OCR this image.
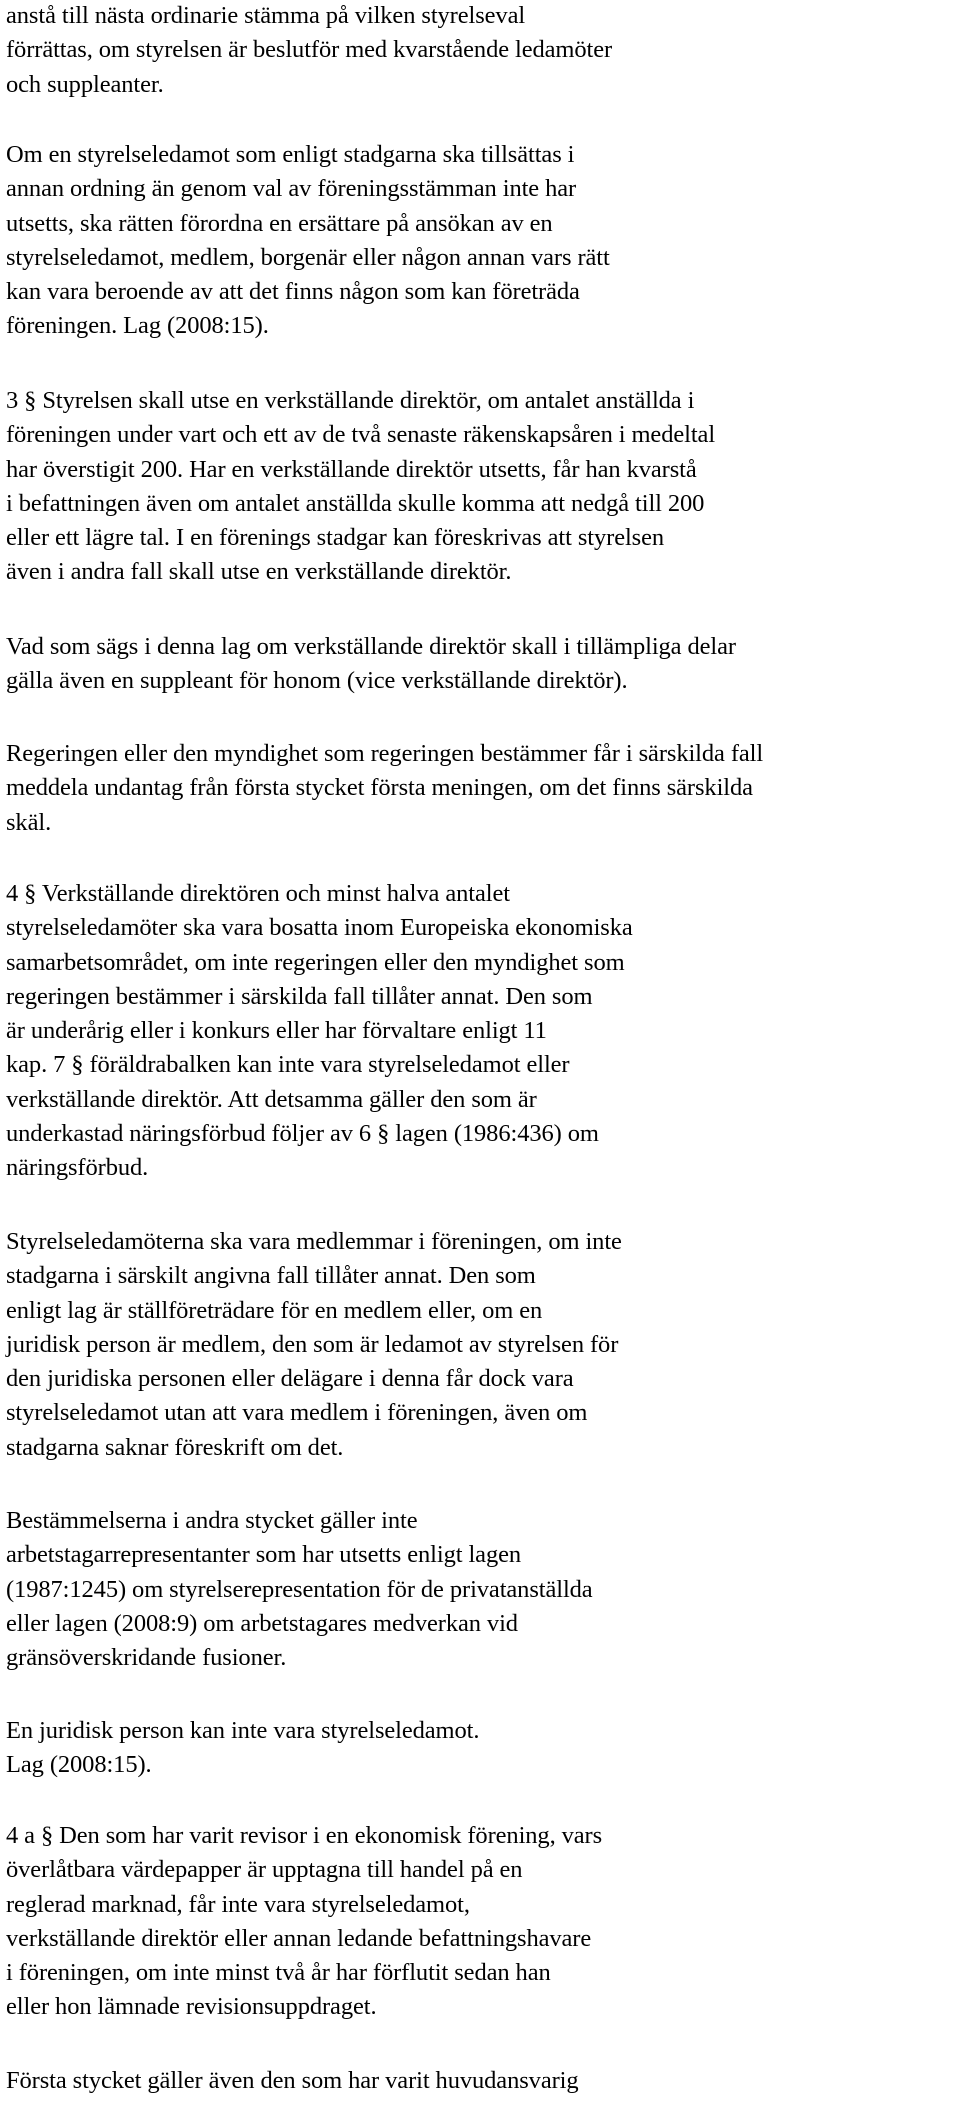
anstå till nästa ordinarie stämma på vilken styrelseval
förrättas, om styrelsen är beslutför med kvarstående ledamöter
och suppleanter.

Om en styrelseledamot som enligt stadgarna ska tillsättas i
annan ordning än genom val av föreningsstämman inte har
utsetts, ska rätten förordna en ersättare på ansökan av en
styrelseledamot, medlem, borgenär eller någon annan vars rätt
kan vara beroende av att det finns någon som kan företräda
föreningen. Lag (2008:15).

3 § Styrelsen skall utse en verkställande direktör, om antalet anställda i
föreningen under vart och ett av de två senaste räkenskapsåren i medeltal
har överstigit 200. Har en verkställande direktör utsetts, får han kvarstå
i befattningen även om antalet anställda skulle komma att nedgå till 200
eller ett lägre tal. I en förenings stadgar kan föreskrivas att styrelsen
även i andra fall skall utse en verkställande direktör.

Vad som sägs i denna lag om verkställande direktör skall i tillämpliga delar
gälla även en suppleant för honom (vice verkställande direktör).

Regeringen eller den myndighet som regeringen bestämmer får i särskilda fall
meddela undantag från första stycket första meningen, om det finns särskilda
skäl.

4 § Verkställande direktören och minst halva antalet
styrelseledamöter ska vara bosatta inom Europeiska ekonomiska
samarbetsområdet, om inte regeringen eller den myndighet som
regeringen bestämmer i särskilda fall tillåter annat. Den som
är underårig eller i konkurs eller har förvaltare enligt 11
kap. 7 § föräldrabalken kan inte vara styrelseledamot eller
verkställande direktör. Att detsamma gäller den som är
underkastad näringsförbud följer av 6 § lagen (1986:436) om
näringsförbud.

Styrelseledamöterna ska vara medlemmar i föreningen, om inte
stadgarna i särskilt angivna fall tillåter annat. Den som
enligt lag är ställföreträdare för en medlem eller, om en
juridisk person är medlem, den som är ledamot av styrelsen för
den juridiska personen eller delägare i denna får dock vara
styrelseledamot utan att vara medlem i föreningen, även om
stadgarna saknar föreskrift om det.

Bestämmelserna i andra stycket gäller inte
arbetstagarrepresentanter som har utsetts enligt lagen
(1987:1245) om styrelserepresentation för de privatanställda
eller lagen (2008:9) om arbetstagares medverkan vid
gränsöverskridande fusioner.

En juridisk person kan inte vara styrelseledamot.
Lag (2008:15).

4 a § Den som har varit revisor i en ekonomisk förening, vars
överlåtbara värdepapper är upptagna till handel på en
reglerad marknad, får inte vara styrelseledamot,
verkställande direktör eller annan ledande befattningshavare
i föreningen, om inte minst två år har förflutit sedan han
eller hon lämnade revisionsuppdraget.

Första stycket gäller även den som har varit huvudansvarig
